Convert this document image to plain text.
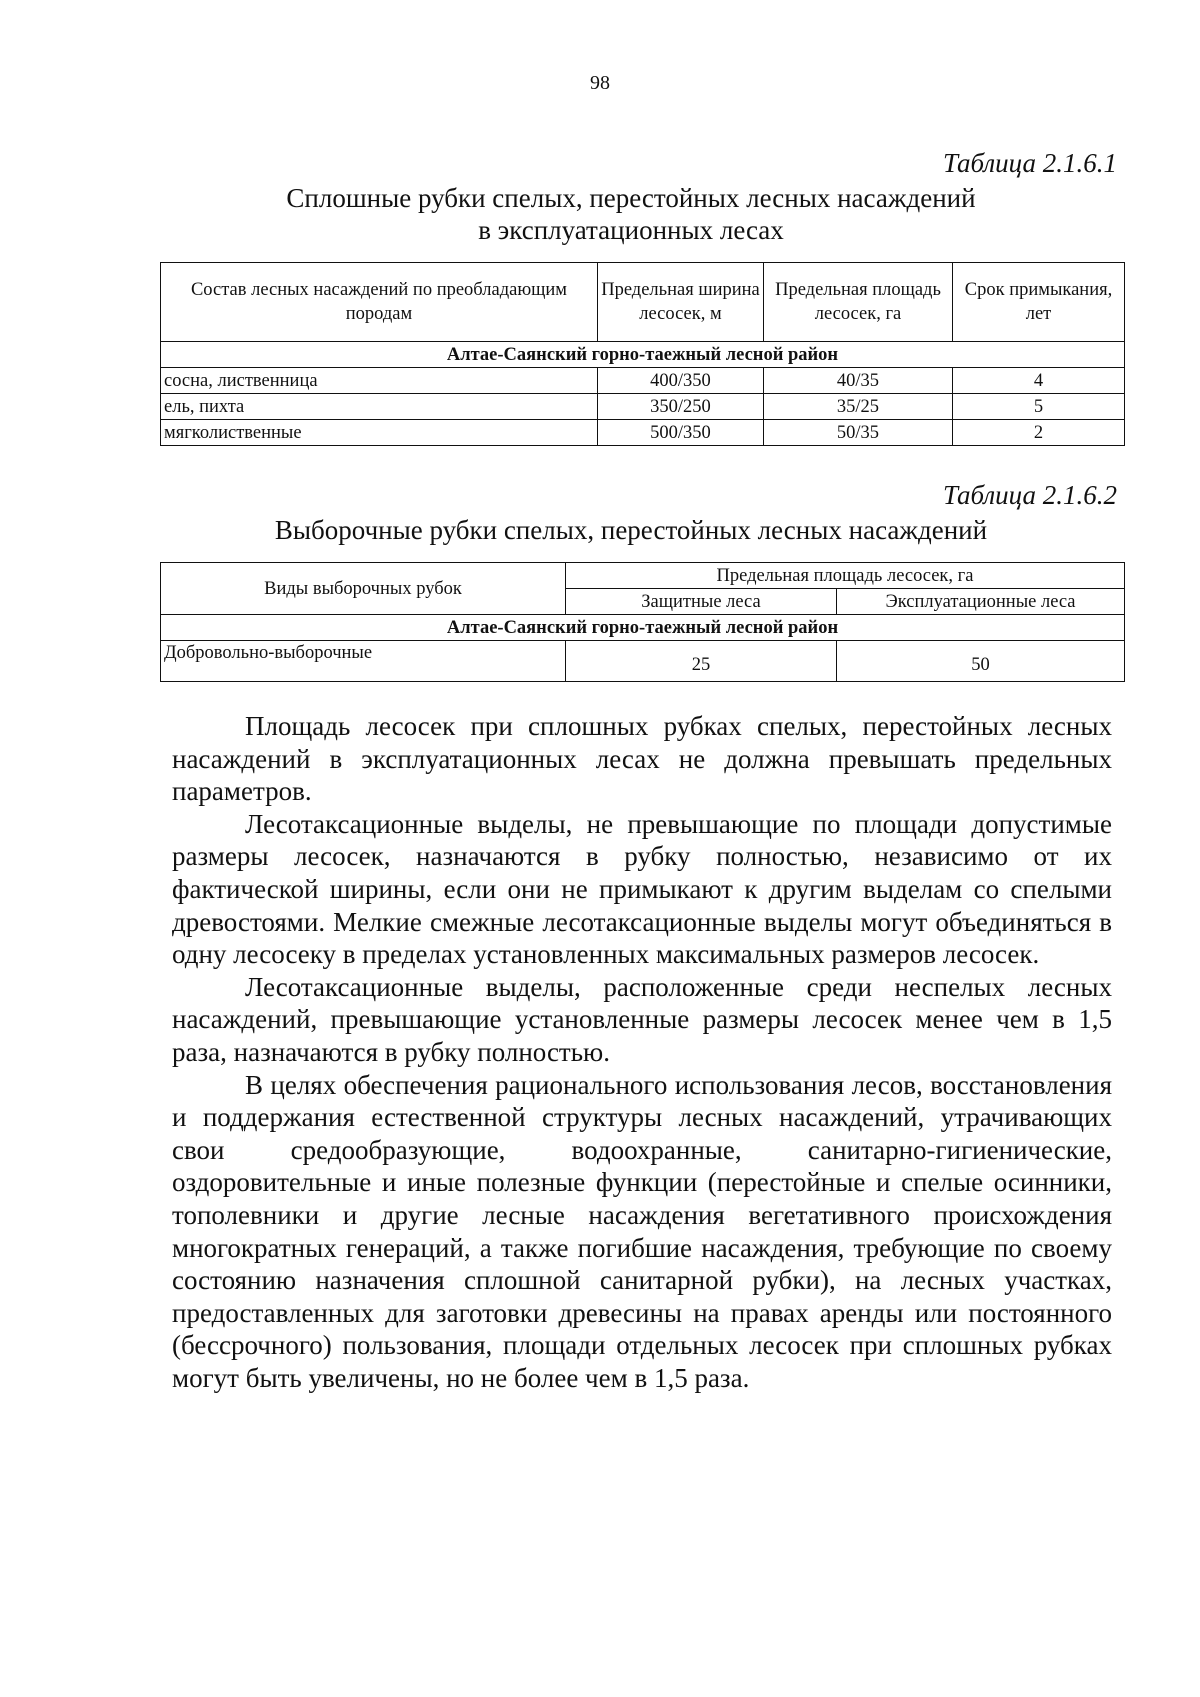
98
Таблица 2.1.6.1
Сплошные рубки спелых, перестойных лесных насаждений
в эксплуатационных лесах
Состав лесных насаждений по преобладающим породам	Предельная ширина лесосек, м	Предельная площадь лесосек, га	Срок примыкания, лет
Алтае-Саянский горно-таежный лесной район			
сосна, лиственница	400/350	40/35	4
ель, пихта	350/250	35/25	5
мягколиственные	500/350	50/35	2
Таблица 2.1.6.2
Выборочные рубки спелых, перестойных лесных насаждений
Виды выборочных рубок	Предельная площадь лесосек, га	
	Защитные леса	Эксплуатационные леса
Алтае-Саянский горно-таежный лесной район		
Добровольно-выборочные	25	50

Площадь лесосек при сплошных рубках спелых, перестойных лесных насаждений в эксплуатационных лесах не должна превышать предельных параметров.

Лесотаксационные выделы, не превышающие по площади допустимые размеры лесосек, назначаются в рубку полностью, независимо от их фактической ширины, если они не примыкают к другим выделам со спелыми древостоями. Мелкие смежные лесотаксационные выделы могут объединяться в одну лесосеку в пределах установленных максимальных размеров лесосек.

Лесотаксационные выделы, расположенные среди неспелых лесных насаждений, превышающие установленные размеры лесосек менее чем в 1,5 раза, назначаются в рубку полностью.

В целях обеспечения рационального использования лесов, восстановления и поддержания естественной структуры лесных насаждений, утрачивающих свои средообразующие, водоохранные, санитарно-гигиенические, оздоровительные и иные полезные функции (перестойные и спелые осинники, тополевники и другие лесные насаждения вегетативного происхождения многократных генераций, а также погибшие насаждения, требующие по своему состоянию назначения сплошной санитарной рубки), на лесных участках, предоставленных для заготовки древесины на правах аренды или постоянного (бессрочного) пользования, площади отдельных лесосек при сплошных рубках могут быть увеличены, но не более чем в 1,5 раза.
